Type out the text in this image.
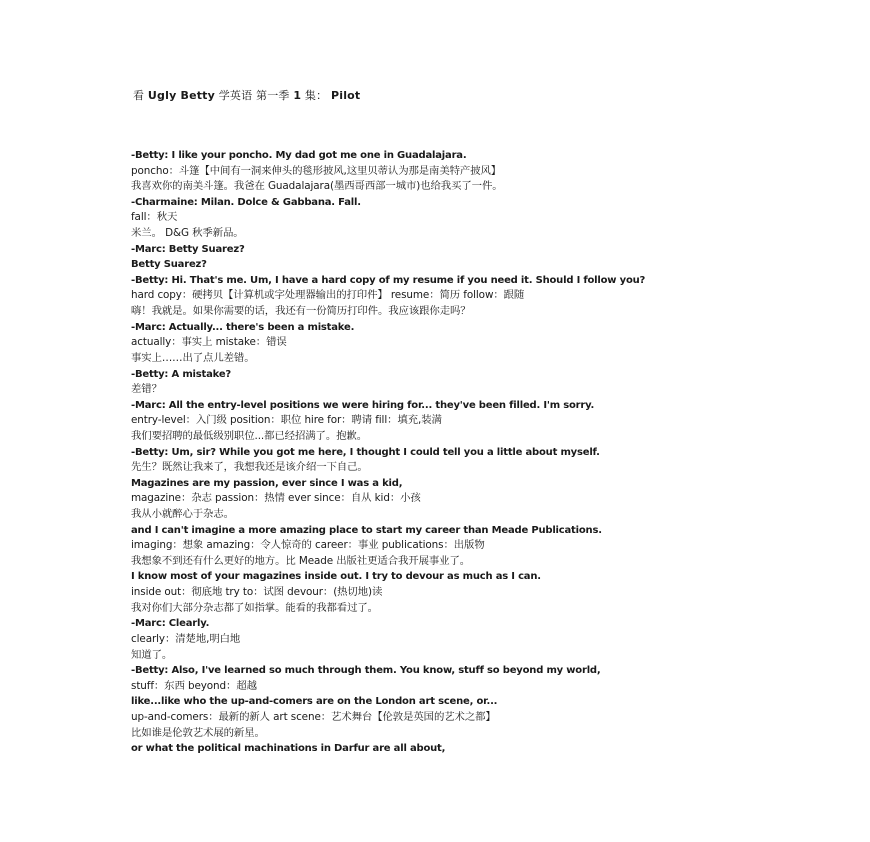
看 Ugly Betty 学英语 第一季 1 集： Pilot
-Betty: I like your poncho. My dad got me one in Guadalajara.
poncho：斗篷【中间有一洞来伸头的毯形披风,这里贝蒂认为那是南美特产披风】
我喜欢你的南美斗篷。我爸在 Guadalajara(墨西哥西部一城市)也给我买了一件。
-Charmaine: Milan. Dolce & Gabbana. Fall.
fall：秋天
米兰。 D&G 秋季新品。
-Marc: Betty Suarez?
Betty Suarez?
-Betty: Hi. That's me. Um, I have a hard copy of my resume if you need it. Should I follow you?
hard copy：硬拷贝【计算机或字处理器输出的打印件】 resume：简历 follow：跟随
嗨！我就是。如果你需要的话，我还有一份简历打印件。我应该跟你走吗？
-Marc: Actually... there's been a mistake.
actually：事实上 mistake：错误
事实上……出了点儿差错。
-Betty: A mistake?
差错？
-Marc: All the entry-level positions we were hiring for... they've been filled. I'm sorry.
entry-level：入门级 position：职位 hire for：聘请 fill：填充,装满
我们要招聘的最低级别职位...都已经招满了。抱歉。
-Betty: Um, sir? While you got me here, I thought I could tell you a little about myself.
先生？既然让我来了，我想我还是该介绍一下自己。
Magazines are my passion, ever since I was a kid,
magazine：杂志 passion：热情 ever since：自从 kid：小孩
我从小就醉心于杂志。
and I can't imagine a more amazing place to start my career than Meade Publications.
imaging：想象 amazing：令人惊奇的 career：事业 publications：出版物
我想象不到还有什么更好的地方。比 Meade 出版社更适合我开展事业了。
I know most of your magazines inside out. I try to devour as much as I can.
inside out：彻底地 try to：试图 devour：(热切地)读
我对你们大部分杂志都了如指掌。能看的我都看过了。
-Marc: Clearly.
clearly：清楚地,明白地
知道了。
-Betty: Also, I've learned so much through them. You know, stuff so beyond my world,
stuff：东西 beyond：超越
like...like who the up-and-comers are on the London art scene, or...
up-and-comers：最新的新人 art scene：艺术舞台【伦敦是英国的艺术之都】
比如谁是伦敦艺术展的新星。
or what the political machinations in Darfur are all about,
